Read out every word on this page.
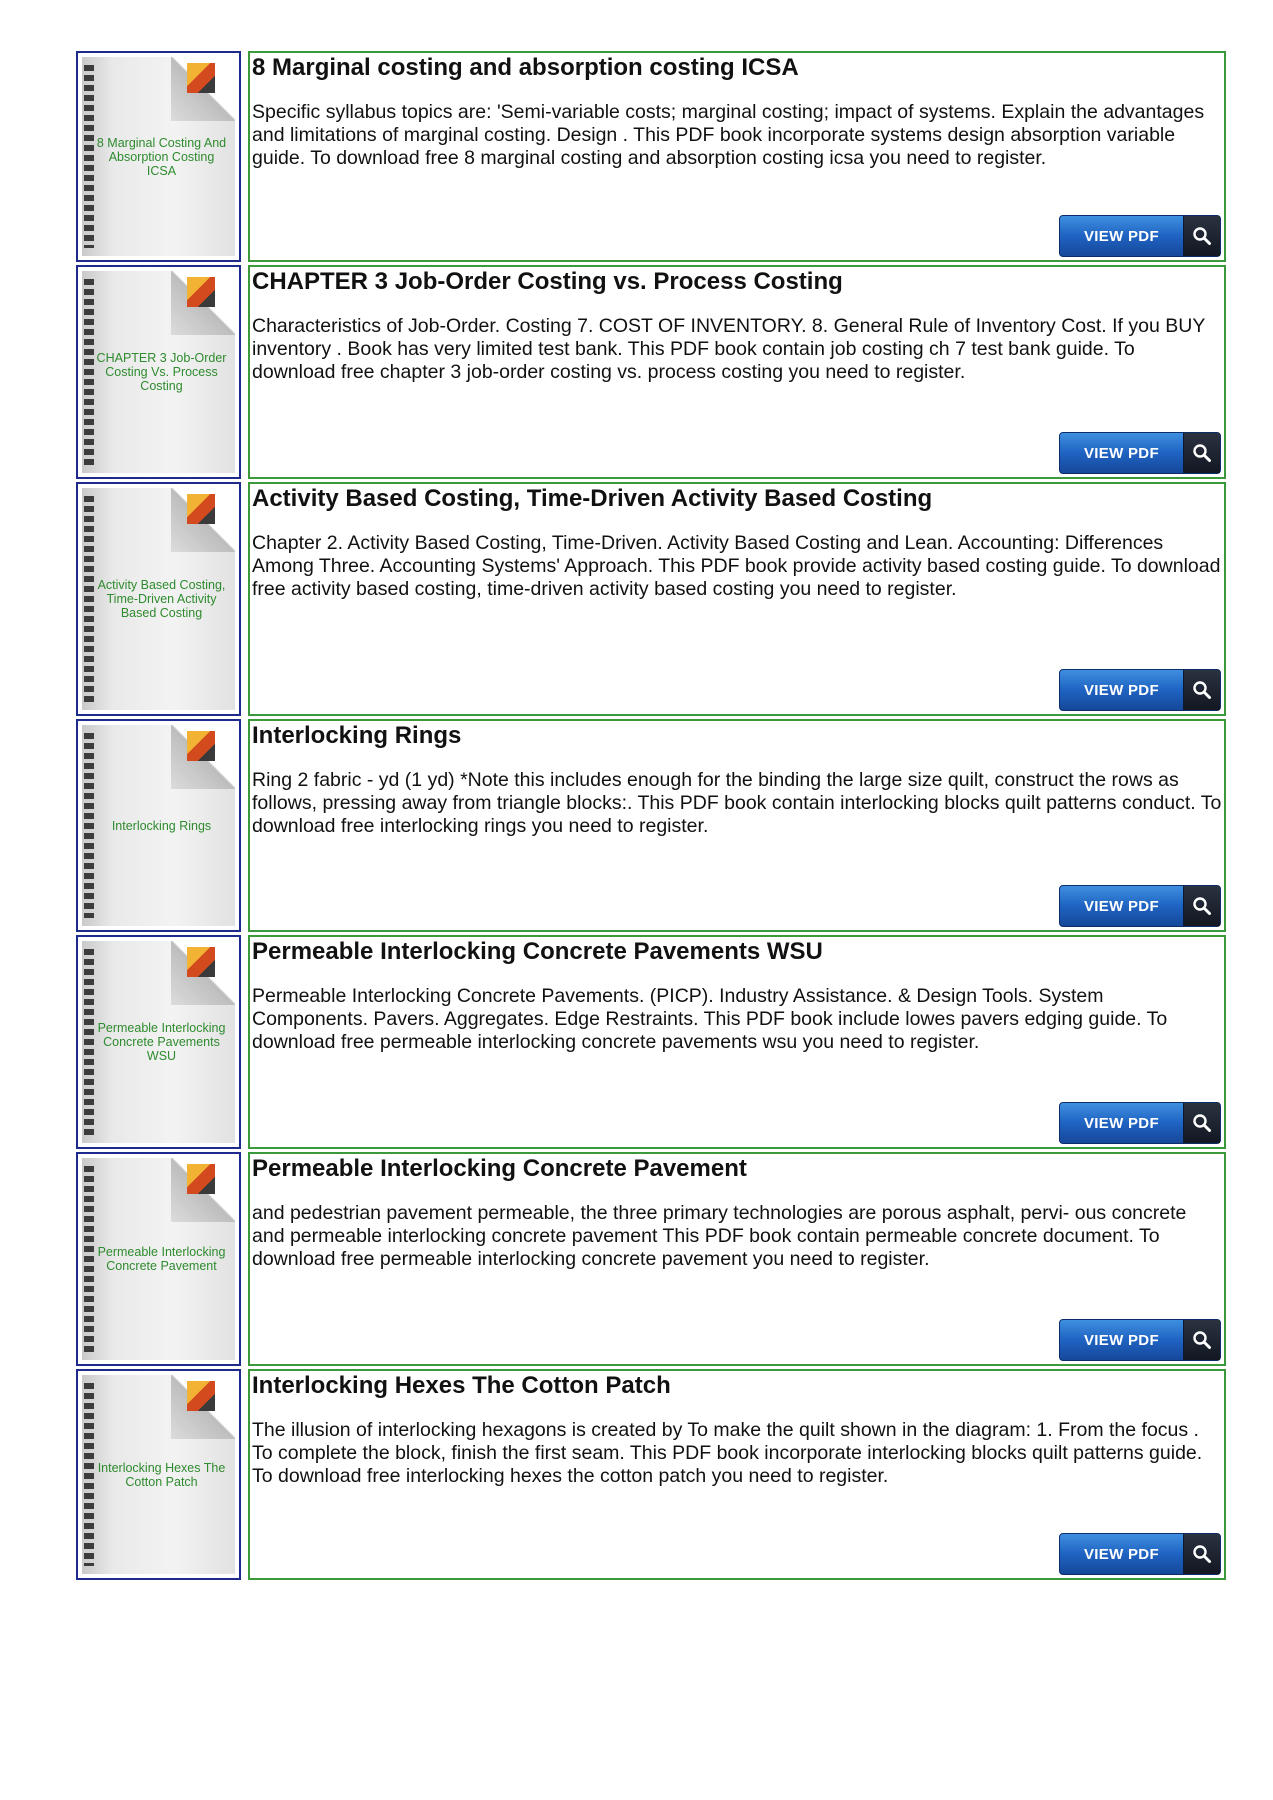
8 Marginal Costing And Absorption Costing ICSA
8 Marginal costing and absorption costing ICSA
Specific syllabus topics are: 'Semi-variable costs; marginal costing; impact of systems. Explain the advantages and limitations of marginal costing. Design . This PDF book incorporate systems design absorption variable guide. To download free 8 marginal costing and absorption costing icsa you need to register.
VIEW PDF
CHAPTER 3 Job-Order Costing Vs. Process Costing
CHAPTER 3 Job-Order Costing vs. Process Costing
Characteristics of Job-Order. Costing 7. COST OF INVENTORY. 8. General Rule of Inventory Cost. If you BUY inventory . Book has very limited test bank. This PDF book contain job costing ch 7 test bank guide. To download free chapter 3 job-order costing vs. process costing you need to register.
VIEW PDF
Activity Based Costing, Time-Driven Activity Based Costing
Activity Based Costing, Time-Driven Activity Based Costing
Chapter 2. Activity Based Costing, Time-Driven. Activity Based Costing and Lean. Accounting: Differences Among Three. Accounting Systems' Approach. This PDF book provide activity based costing guide. To download free activity based costing, time-driven activity based costing you need to register.
VIEW PDF
Interlocking Rings
Interlocking Rings
Ring 2 fabric - yd (1 yd) *Note this includes enough for the binding the large size quilt, construct the rows as follows, pressing away from triangle blocks:. This PDF book contain interlocking blocks quilt patterns conduct. To download free interlocking rings you need to register.
VIEW PDF
Permeable Interlocking Concrete Pavements WSU
Permeable Interlocking Concrete Pavements WSU
Permeable Interlocking Concrete Pavements. (PICP). Industry Assistance. & Design Tools. System Components. Pavers. Aggregates. Edge Restraints. This PDF book include lowes pavers edging guide. To download free permeable interlocking concrete pavements wsu you need to register.
VIEW PDF
Permeable Interlocking Concrete Pavement
Permeable Interlocking Concrete Pavement
and pedestrian pavement permeable, the three primary technologies are porous asphalt, pervi- ous concrete and permeable interlocking concrete pavement This PDF book contain permeable concrete document. To download free permeable interlocking concrete pavement you need to register.
VIEW PDF
Interlocking Hexes The Cotton Patch
Interlocking Hexes The Cotton Patch
The illusion of interlocking hexagons is created by To make the quilt shown in the diagram: 1. From the focus . To complete the block, finish the first seam. This PDF book incorporate interlocking blocks quilt patterns guide. To download free interlocking hexes the cotton patch you need to register.
VIEW PDF
